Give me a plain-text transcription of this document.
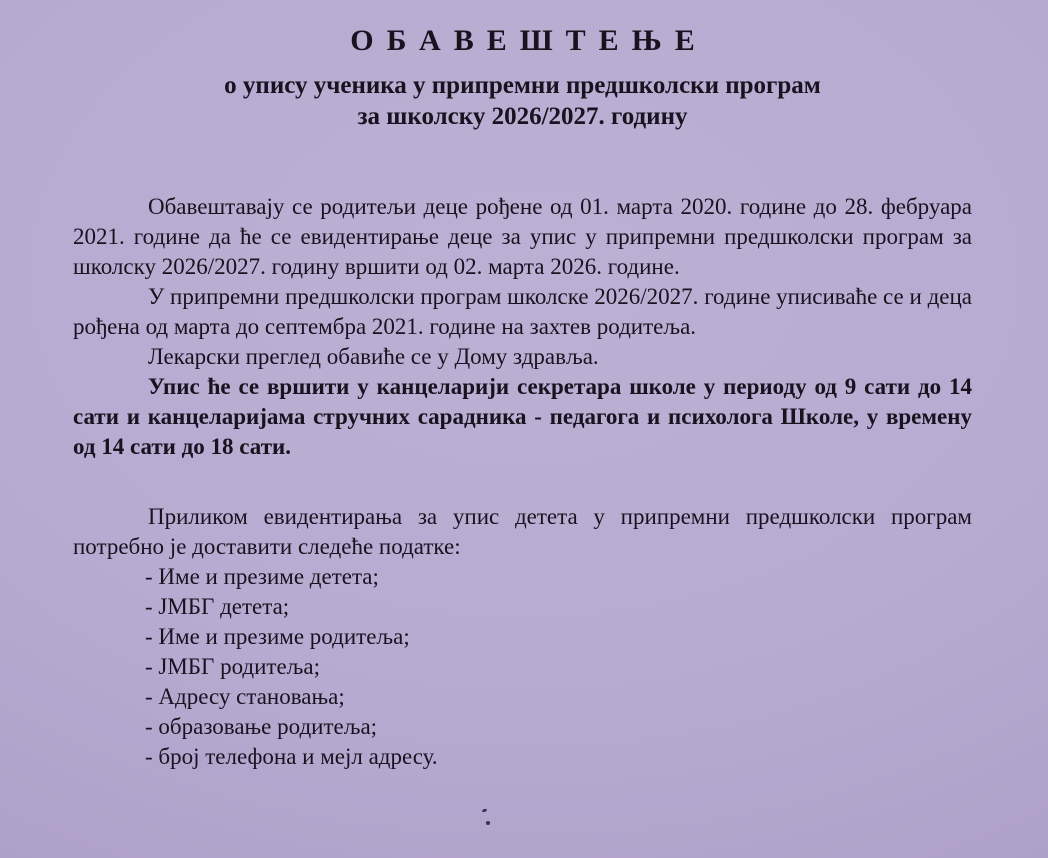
ОБАВЕШТЕЊЕ
о упису ученика у припремни предшколски програм
за школску 2026/2027. годину

Обавештавају се родитељи деце рођене од 01. марта 2020. године до 28. фебруара 2021. године да ће се евидентирање деце за упис у припремни предшколски програм за школску 2026/2027. годину вршити од 02. марта 2026. године.

У припремни предшколски програм школске 2026/2027. године уписиваће се и деца рођена од марта до септембра 2021. године на захтев родитеља.

Лекарски преглед обавиће се у Дому здравља.

Упис ће се вршити у канцеларији секретара школе у периоду од 9 сати до 14 сати и канцеларијама стручних сарадника - педагога и психолога Школе, у времену од 14 сати до 18 сати.

Приликом евидентирања за упис детета у припремни предшколски програм потребно је доставити следеће податке:

- Име и презиме детета;
- ЈМБГ детета;
- Име и презиме родитеља;
- ЈМБГ родитеља;
- Адресу становања;
- образовање родитеља;
- број телефона и мејл адресу.
